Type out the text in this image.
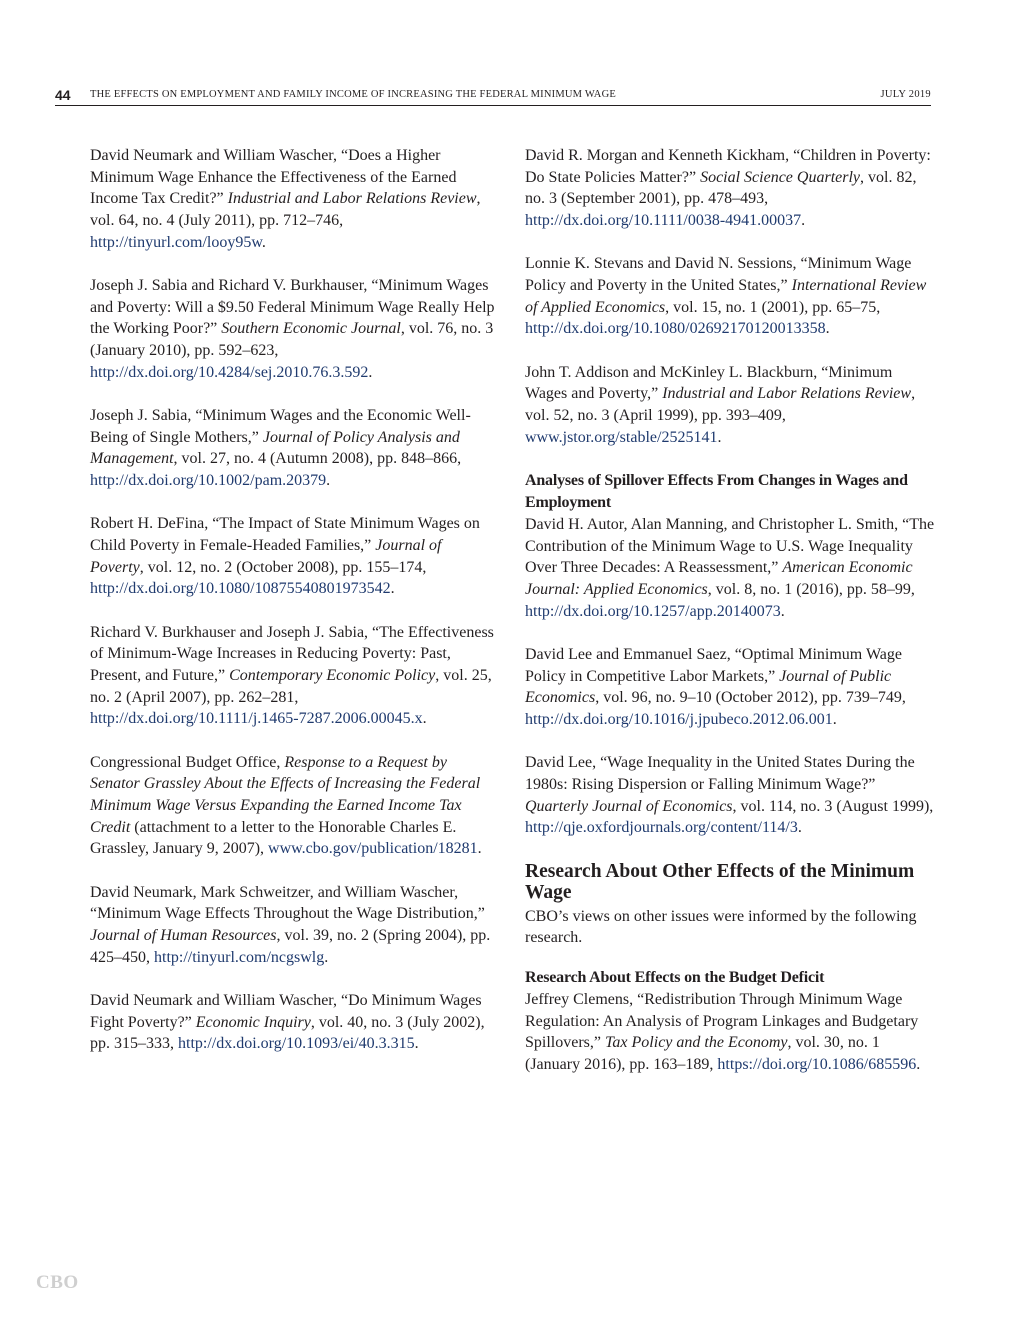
44 THE EFFECTS ON EMPLOYMENT AND FAMILY INCOME OF INCREASING THE FEDERAL MINIMUM WAGE	JULY 2019

David Neumark and William Wascher, “Does a Higher Minimum Wage Enhance the Effectiveness of the Earned Income Tax Credit?” Industrial and Labor Relations Review, vol. 64, no. 4 (July 2011), pp. 712–746, http://tinyurl.com/looy95w.

Joseph J. Sabia and Richard V. Burkhauser, “Minimum Wages and Poverty: Will a $9.50 Federal Minimum Wage Really Help the Working Poor?” Southern Economic Journal, vol. 76, no. 3 (January 2010), pp. 592–623, http://dx.doi.org/10.4284/sej.2010.76.3.592.

Joseph J. Sabia, “Minimum Wages and the Economic Well-Being of Single Mothers,” Journal of Policy Analysis and Management, vol. 27, no. 4 (Autumn 2008), pp. 848–866, http://dx.doi.org/10.1002/pam.20379.

Robert H. DeFina, “The Impact of State Minimum Wages on Child Poverty in Female-Headed Families,” Journal of Poverty, vol. 12, no. 2 (October 2008), pp. 155–174, http://dx.doi.org/10.1080/10875540801973542.

Richard V. Burkhauser and Joseph J. Sabia, “The Effectiveness of Minimum-Wage Increases in Reducing Poverty: Past, Present, and Future,” Contemporary Economic Policy, vol. 25, no. 2 (April 2007), pp. 262–281, http://dx.doi.org/10.1111/j.1465-7287.2006.00045.x.

Congressional Budget Office, Response to a Request by Senator Grassley About the Effects of Increasing the Federal Minimum Wage Versus Expanding the Earned Income Tax Credit (attachment to a letter to the Honorable Charles E. Grassley, January 9, 2007), www.cbo.gov/publication/18281.

David Neumark, Mark Schweitzer, and William Wascher, “Minimum Wage Effects Throughout the Wage Distribution,” Journal of Human Resources, vol. 39, no. 2 (Spring 2004), pp. 425–450, http://tinyurl.com/ncgswlg.

David Neumark and William Wascher, “Do Minimum Wages Fight Poverty?” Economic Inquiry, vol. 40, no. 3 (July 2002), pp. 315–333, http://dx.doi.org/10.1093/ei/40.3.315.

David R. Morgan and Kenneth Kickham, “Children in Poverty: Do State Policies Matter?” Social Science Quarterly, vol. 82, no. 3 (September 2001), pp. 478–493, http://dx.doi.org/10.1111/0038-4941.00037.

Lonnie K. Stevans and David N. Sessions, “Minimum Wage Policy and Poverty in the United States,” International Review of Applied Economics, vol. 15, no. 1 (2001), pp. 65–75, http://dx.doi.org/10.1080/02692170120013358.

John T. Addison and McKinley L. Blackburn, “Minimum Wages and Poverty,” Industrial and Labor Relations Review, vol. 52, no. 3 (April 1999), pp. 393–409, www.jstor.org/stable/2525141.

Analyses of Spillover Effects From Changes in Wages and Employment

David H. Autor, Alan Manning, and Christopher L. Smith, “The Contribution of the Minimum Wage to U.S. Wage Inequality Over Three Decades: A Reassessment,” American Economic Journal: Applied Economics, vol. 8, no. 1 (2016), pp. 58–99, http://dx.doi.org/10.1257/app.20140073.

David Lee and Emmanuel Saez, “Optimal Minimum Wage Policy in Competitive Labor Markets,” Journal of Public Economics, vol. 96, no. 9–10 (October 2012), pp. 739–749, http://dx.doi.org/10.1016/j.jpubeco.2012.06.001.

David Lee, “Wage Inequality in the United States During the 1980s: Rising Dispersion or Falling Minimum Wage?” Quarterly Journal of Economics, vol. 114, no. 3 (August 1999), http://qje.oxfordjournals.org/content/114/3.

Research About Other Effects of the Minimum Wage

CBO’s views on other issues were informed by the following research.

Research About Effects on the Budget Deficit

Jeffrey Clemens, “Redistribution Through Minimum Wage Regulation: An Analysis of Program Linkages and Budgetary Spillovers,” Tax Policy and the Economy, vol. 30, no. 1 (January 2016), pp. 163–189, https://doi.org/10.1086/685596.

CBO
